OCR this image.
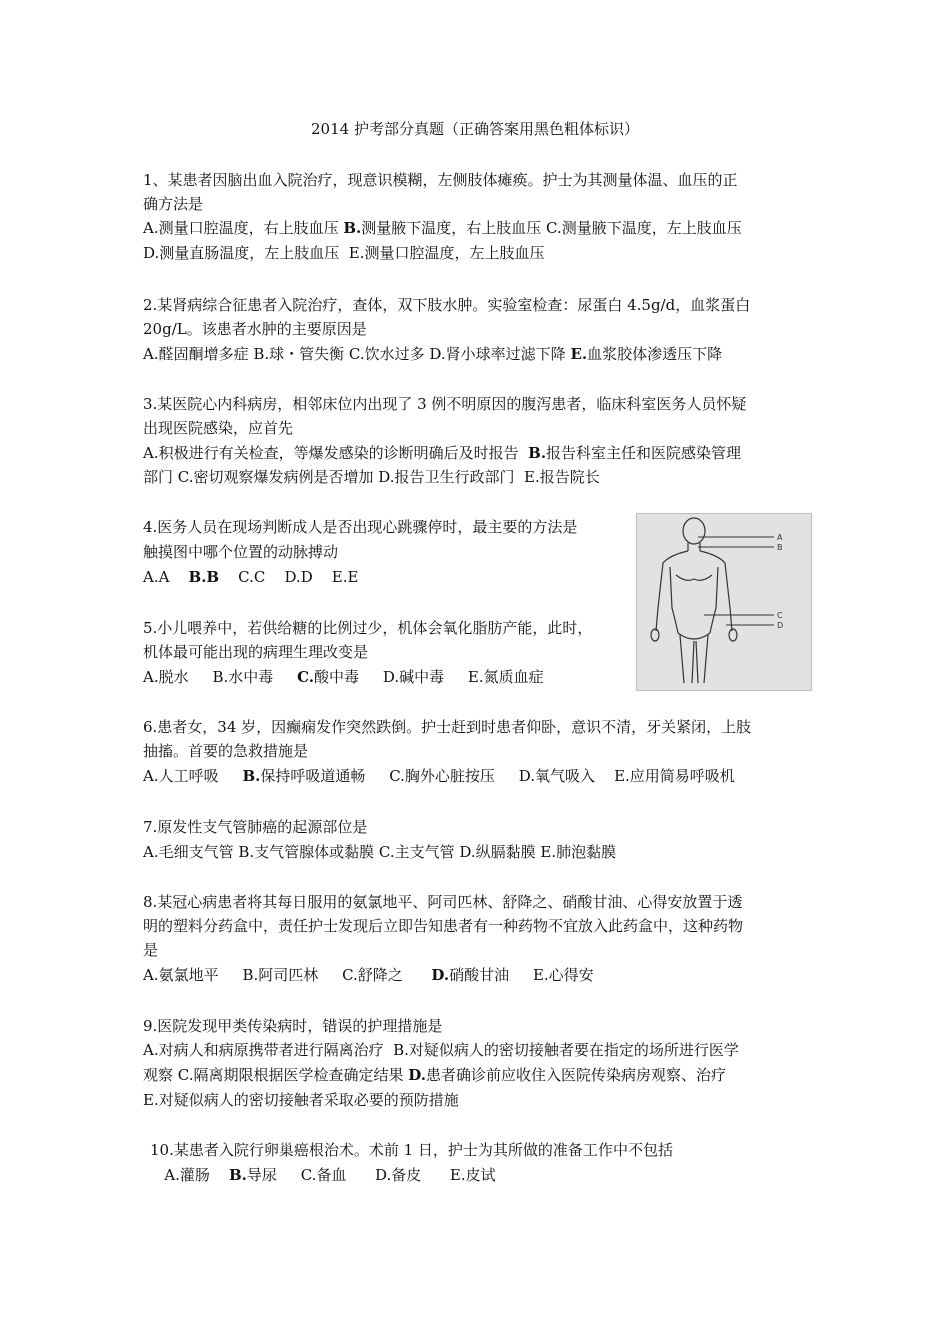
2014 护考部分真题（正确答案用黑色粗体标识）
1、某患者因脑出血入院治疗，现意识模糊，左侧肢体瘫痪。护士为其测量体温、血压的正
确方法是
A.测量口腔温度，右上肢血压 B.测量腋下温度，右上肢血压 C.测量腋下温度，左上肢血压
D.测量直肠温度，左上肢血压  E.测量口腔温度，左上肢血压
2.某肾病综合征患者入院治疗，查体，双下肢水肿。实验室检查：尿蛋白 4.5g/d，血浆蛋白
20g/L。该患者水肿的主要原因是
A.醛固酮增多症 B.球・管失衡 C.饮水过多 D.肾小球率过滤下降 E.血浆胶体渗透压下降
3.某医院心内科病房，相邻床位内出现了 3 例不明原因的腹泻患者，临床科室医务人员怀疑
出现医院感染，应首先
A.积极进行有关检查，等爆发感染的诊断明确后及时报告  B.报告科室主任和医院感染管理
部门 C.密切观察爆发病例是否增加 D.报告卫生行政部门  E.报告院长
4.医务人员在现场判断成人是否出现心跳骤停时，最主要的方法是
触摸图中哪个位置的动脉搏动
A.A    B.B    C.C    D.D    E.E
5.小儿喂养中，若供给糖的比例过少，机体会氧化脂肪产能，此时，
机体最可能出现的病理生理改变是
A.脱水     B.水中毒     C.酸中毒     D.碱中毒     E.氮质血症
6.患者女，34 岁，因癫痫发作突然跌倒。护士赶到时患者仰卧，意识不清，牙关紧闭，上肢
抽搐。首要的急救措施是
A.人工呼吸     B.保持呼吸道通畅     C.胸外心脏按压     D.氧气吸入    E.应用简易呼吸机
7.原发性支气管肺癌的起源部位是
A.毛细支气管 B.支气管腺体或黏膜 C.主支气管 D.纵膈黏膜 E.肺泡黏膜
8.某冠心病患者将其每日服用的氨氯地平、阿司匹林、舒降之、硝酸甘油、心得安放置于透
明的塑料分药盒中，责任护士发现后立即告知患者有一种药物不宜放入此药盒中，这种药物
是
A.氨氯地平     B.阿司匹林     C.舒降之      D.硝酸甘油     E.心得安
9.医院发现甲类传染病时，错误的护理措施是
A.对病人和病原携带者进行隔离治疗  B.对疑似病人的密切接触者要在指定的场所进行医学
观察 C.隔离期限根据医学检查确定结果 D.患者确诊前应收住入医院传染病房观察、治疗
E.对疑似病人的密切接触者采取必要的预防措施
10.某患者入院行卵巢癌根治术。术前 1 日，护士为其所做的准备工作中不包括
A.灌肠    B.导尿     C.备血      D.备皮      E.皮试
A
B
C
D
